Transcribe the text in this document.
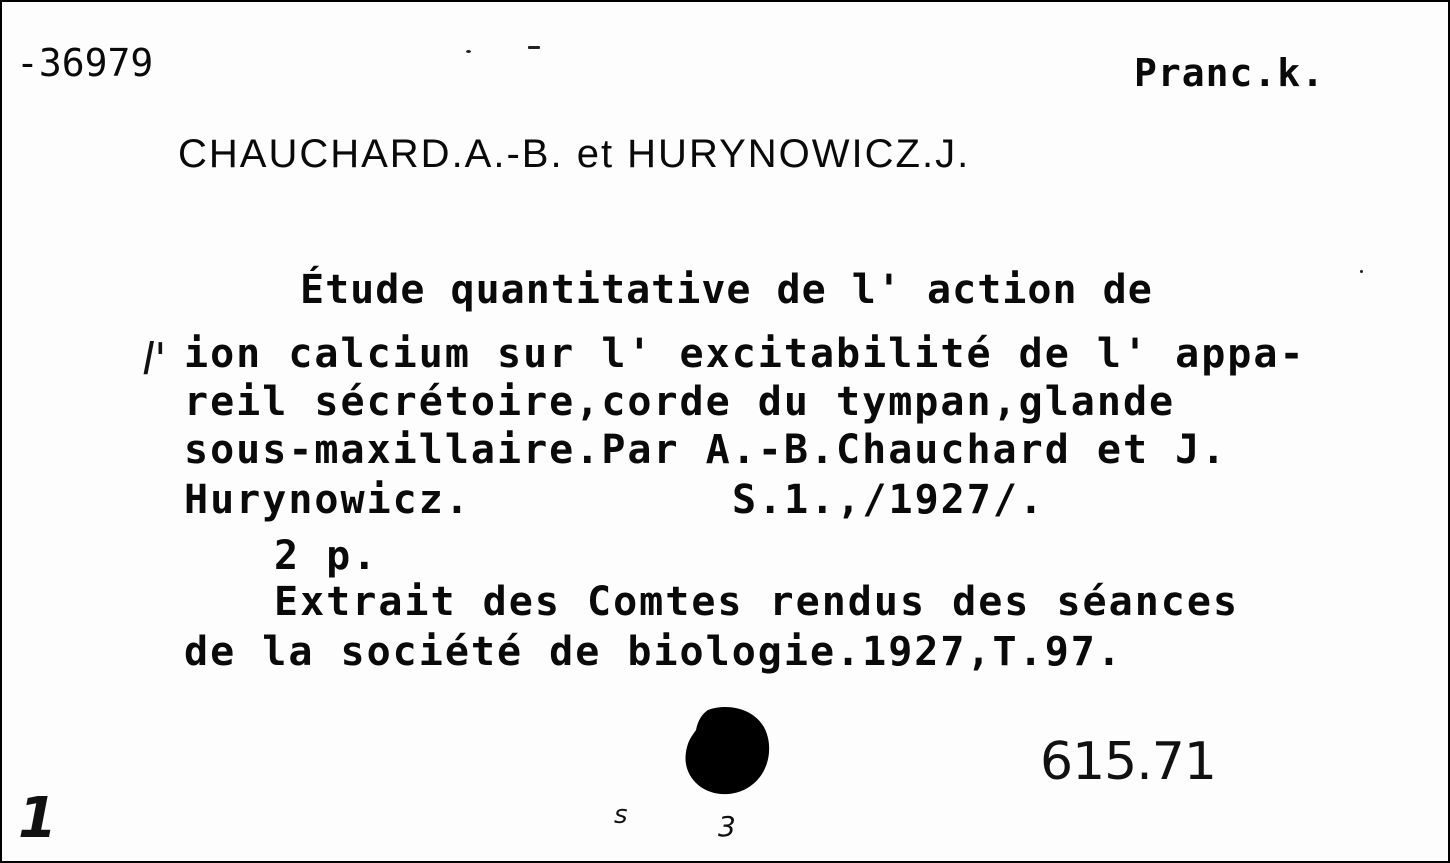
-36979	Pranc.k.
CHAUCHARD.A.-B. et HURYNOWICZ.J.
Étude quantitative de l' action de
l' ion calcium sur l' excitabilité de l' appa-
reil sécrétoire,corde du tympan,glande
sous-maxillaire.Par A.-B.Chauchard et J.
Hurynowicz.	S.1.,/1927/.
2 p.
Extrait des Comtes rendus des séances
de la société de biologie.1927,T.97.
615.71
1	s	3
